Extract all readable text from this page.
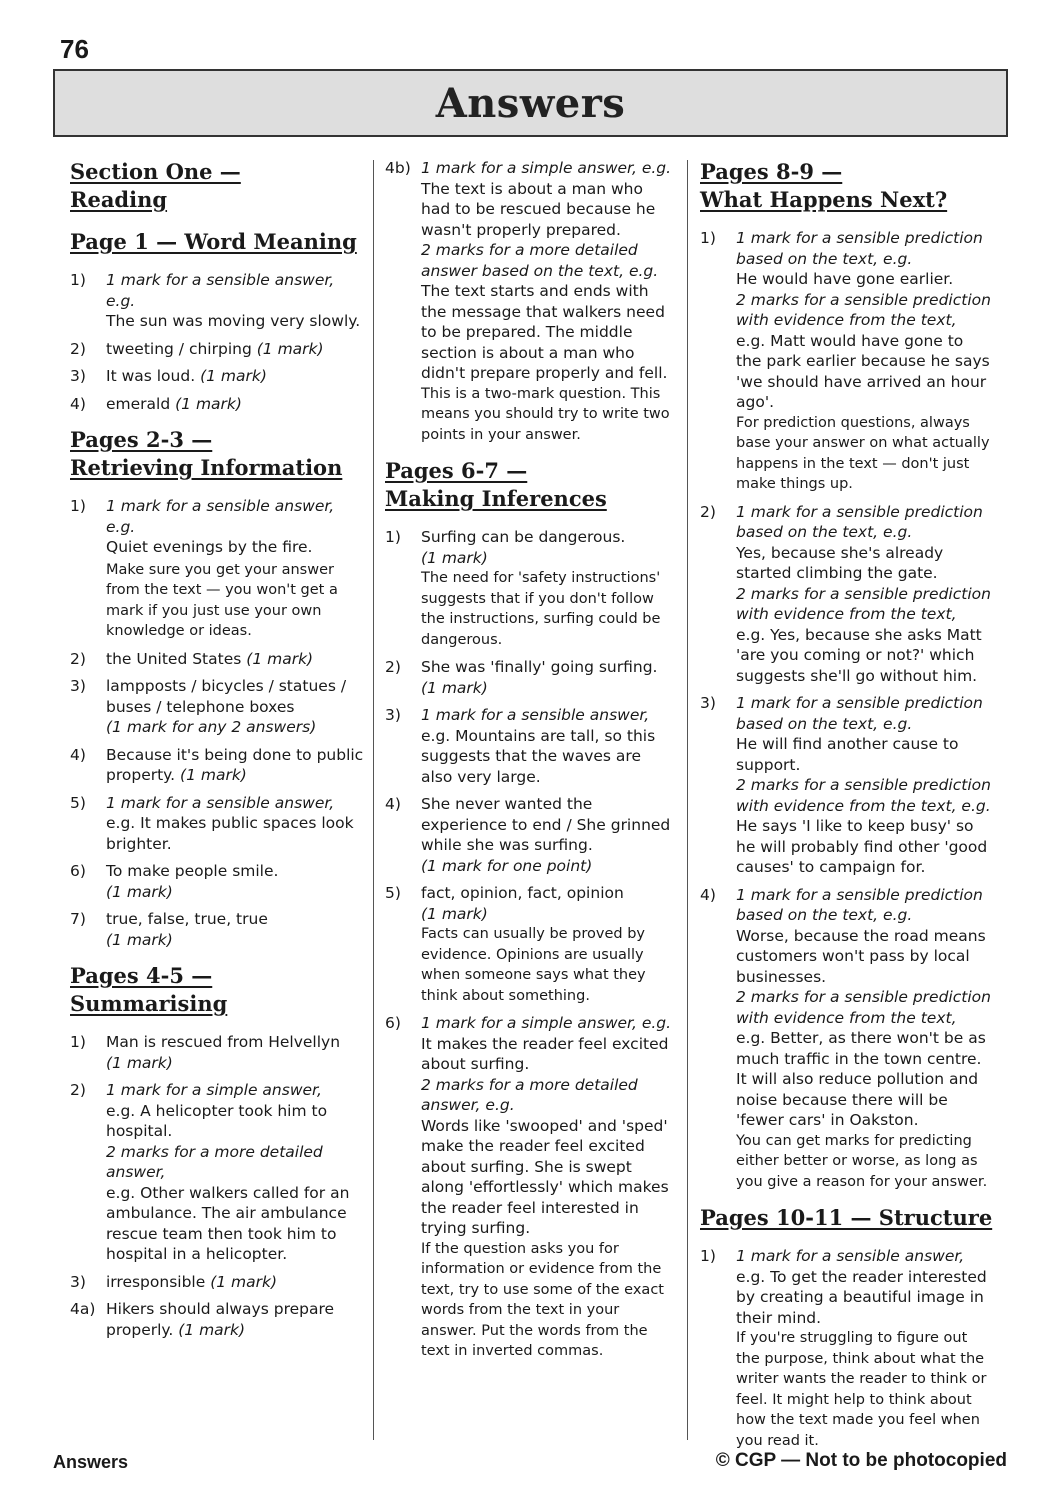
76
Answers
Section One —
Reading
Page 1 — Word Meaning
1)	1 mark for a sensible answer, e.g.
The sun was moving very slowly.
2)	tweeting / chirping (1 mark)
3)	It was loud. (1 mark)
4)	emerald (1 mark)
Pages 2-3 —
Retrieving Information
1)	1 mark for a sensible answer, e.g.
Quiet evenings by the fire.
Make sure you get your answer from the text — you won't get a mark if you just use your own knowledge or ideas.
2)	the United States (1 mark)
3)	lampposts / bicycles / statues / buses / telephone boxes
(1 mark for any 2 answers)
4)	Because it's being done to public property. (1 mark)
5)	1 mark for a sensible answer,
e.g. It makes public spaces look brighter.
6)	To make people smile.
(1 mark)
7)	true, false, true, true
(1 mark)
Pages 4-5 — Summarising
1)	Man is rescued from Helvellyn
(1 mark)
2)	1 mark for a simple answer,
e.g. A helicopter took him to hospital.
2 marks for a more detailed answer,
e.g. Other walkers called for an ambulance. The air ambulance rescue team then took him to hospital in a helicopter.
3)	irresponsible (1 mark)
4a) Hikers should always prepare properly. (1 mark)
4b) 1 mark for a simple answer, e.g.
The text is about a man who had to be rescued because he wasn't properly prepared.
2 marks for a more detailed answer based on the text, e.g.
The text starts and ends with the message that walkers need to be prepared. The middle section is about a man who didn't prepare properly and fell.
This is a two-mark question. This means you should try to write two points in your answer.
Pages 6-7 —
Making Inferences
1)	Surfing can be dangerous.
(1 mark)
The need for 'safety instructions' suggests that if you don't follow the instructions, surfing could be dangerous.
2)	She was 'finally' going surfing.
(1 mark)
3)	1 mark for a sensible answer,
e.g. Mountains are tall, so this suggests that the waves are also very large.
4)	She never wanted the experience to end / She grinned while she was surfing.
(1 mark for one point)
5)	fact, opinion, fact, opinion
(1 mark)
Facts can usually be proved by evidence. Opinions are usually when someone says what they think about something.
6)	1 mark for a simple answer, e.g.
It makes the reader feel excited about surfing.
2 marks for a more detailed answer, e.g.
Words like 'swooped' and 'sped' make the reader feel excited about surfing. She is swept along 'effortlessly' which makes the reader feel interested in trying surfing.
If the question asks you for information or evidence from the text, try to use some of the exact words from the text in your answer. Put the words from the text in inverted commas.
Pages 8-9 —
What Happens Next?
1)	1 mark for a sensible prediction based on the text, e.g.
He would have gone earlier.
2 marks for a sensible prediction with evidence from the text,
e.g. Matt would have gone to the park earlier because he says 'we should have arrived an hour ago'.
For prediction questions, always base your answer on what actually happens in the text — don't just make things up.
2)	1 mark for a sensible prediction based on the text, e.g.
Yes, because she's already started climbing the gate.
2 marks for a sensible prediction with evidence from the text,
e.g. Yes, because she asks Matt 'are you coming or not?' which suggests she'll go without him.
3)	1 mark for a sensible prediction based on the text, e.g.
He will find another cause to support.
2 marks for a sensible prediction with evidence from the text, e.g.
He says 'I like to keep busy' so he will probably find other 'good causes' to campaign for.
4)	1 mark for a sensible prediction based on the text, e.g.
Worse, because the road means customers won't pass by local businesses.
2 marks for a sensible prediction with evidence from the text,
e.g. Better, as there won't be as much traffic in the town centre. It will also reduce pollution and noise because there will be 'fewer cars' in Oakston.
You can get marks for predicting either better or worse, as long as you give a reason for your answer.
Pages 10-11 — Structure
1)	1 mark for a sensible answer,
e.g. To get the reader interested by creating a beautiful image in their mind.
If you're struggling to figure out the purpose, think about what the writer wants the reader to think or feel. It might help to think about how the text made you feel when you read it.
Answers	© CGP — Not to be photocopied
